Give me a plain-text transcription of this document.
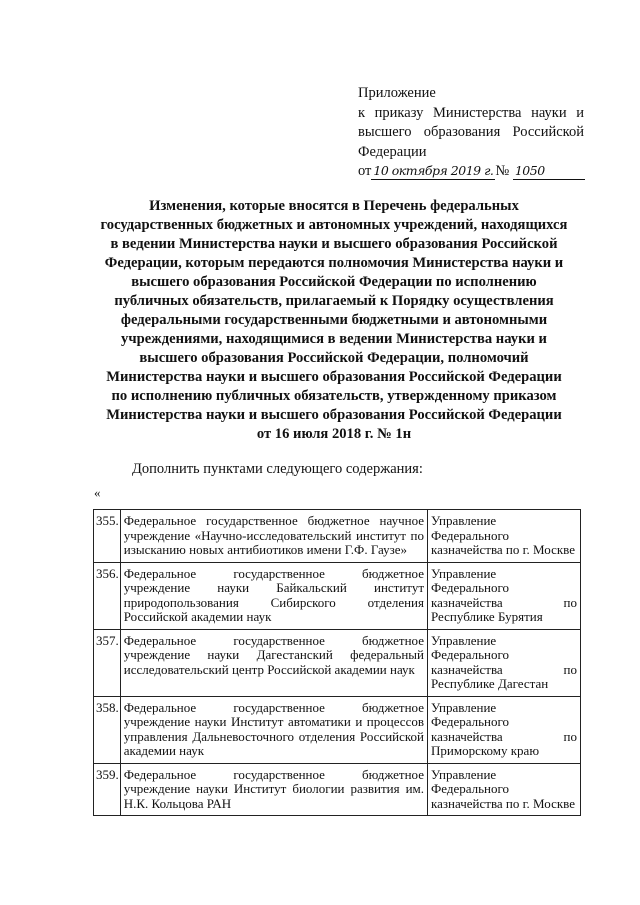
Приложение
к приказу Министерства науки и
высшего образования Российской
Федерации
от 10 октября 2019 г. № 1050
Изменения, которые вносятся в Перечень федеральных
государственных бюджетных и автономных учреждений, находящихся
в ведении Министерства науки и высшего образования Российской
Федерации, которым передаются полномочия Министерства науки и
высшего образования Российской Федерации по исполнению
публичных обязательств, прилагаемый к Порядку осуществления
федеральными государственными бюджетными и автономными
учреждениями, находящимися в ведении Министерства науки и
высшего образования Российской Федерации, полномочий
Министерства науки и высшего образования Российской Федерации
по исполнению публичных обязательств, утвержденному приказом
Министерства науки и высшего образования Российской Федерации
от 16 июля 2018 г. № 1н
Дополнить пунктами следующего содержания:
«
355.	Федеральное государственное бюджетное научное учреждение «Научно-исследовательский институт по изысканию новых антибиотиков имени Г.Ф. Гаузе»	Управление Федерального казначейства по г. Москве
356.	Федеральное государственное бюджетное учреждение науки Байкальский институт природопользования Сибирского отделения Российской академии наук	Управление Федерального казначейства по Республике Бурятия
357.	Федеральное государственное бюджетное учреждение науки Дагестанский федеральный исследовательский центр Российской академии наук	Управление Федерального казначейства по Республике Дагестан
358.	Федеральное государственное бюджетное учреждение науки Институт автоматики и процессов управления Дальневосточного отделения Российской академии наук	Управление Федерального казначейства по Приморскому краю
359.	Федеральное государственное бюджетное учреждение науки Институт биологии развития им. Н.К. Кольцова РАН	Управление Федерального казначейства по г. Москве
